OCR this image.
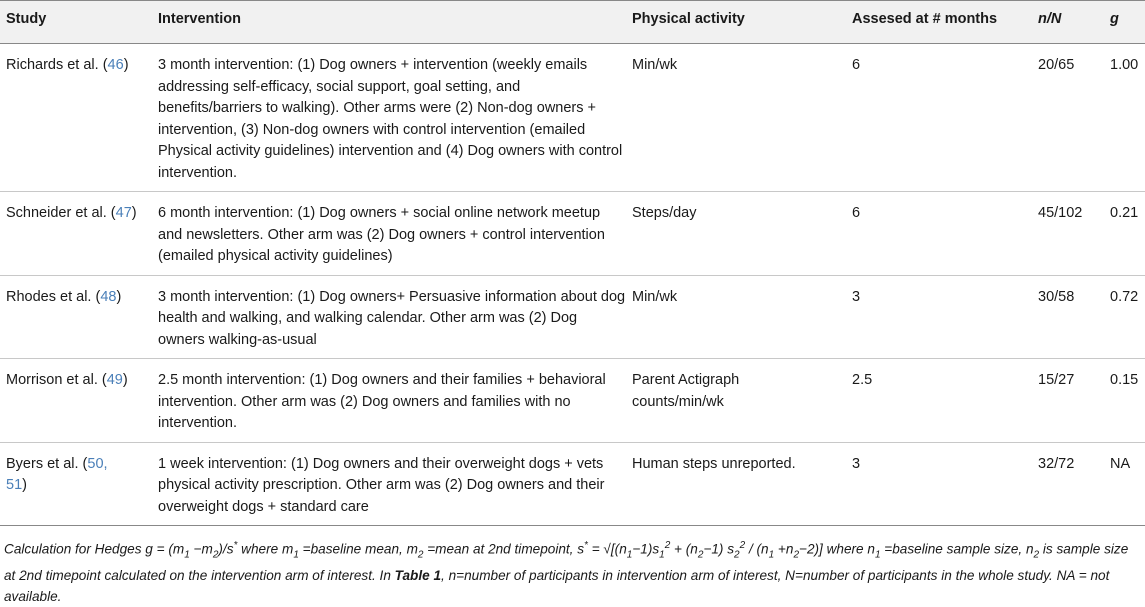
Study	Intervention	Physical activity	Assesed at # months	n/N	g
Richards et al. (46)	3 month intervention: (1) Dog owners + intervention (weekly emails addressing self-efficacy, social support, goal setting, and benefits/barriers to walking). Other arms were (2) Non-dog owners + intervention, (3) Non-dog owners with control intervention (emailed Physical activity guidelines) intervention and (4) Dog owners with control intervention.	Min/wk	6	20/65	1.00
Schneider et al. (47)	6 month intervention: (1) Dog owners + social online network meetup and newsletters. Other arm was (2) Dog owners + control intervention (emailed physical activity guidelines)	Steps/day	6	45/102	0.21
Rhodes et al. (48)	3 month intervention: (1) Dog owners+ Persuasive information about dog health and walking, and walking calendar. Other arm was (2) Dog owners walking-as-usual	Min/wk	3	30/58	0.72
Morrison et al. (49)	2.5 month intervention: (1) Dog owners and their families + behavioral intervention. Other arm was (2) Dog owners and families with no intervention.	Parent Actigraph counts/min/wk	2.5	15/27	0.15
Byers et al. (50, 51)	1 week intervention: (1) Dog owners and their overweight dogs + vets physical activity prescription. Other arm was (2) Dog owners and their overweight dogs + standard care	Human steps unreported.	3	32/72	NA
Calculation for Hedges $g = (m_1 -m_2)/s^*$ where $m_1$ =baseline mean, $m_2$ =mean at 2nd timepoint, $s^* = √[(n_1-1)s_1^2 + (n_2-1)$ $s_2^2 / (n_1 +n_2-2)$] where $n_1$ =baseline sample size, $n_2$ is sample size at 2nd timepoint calculated on the intervention arm of interest. In Table 1, n=number of participants in intervention arm of interest, N=number of participants in the whole study. NA = not available.
